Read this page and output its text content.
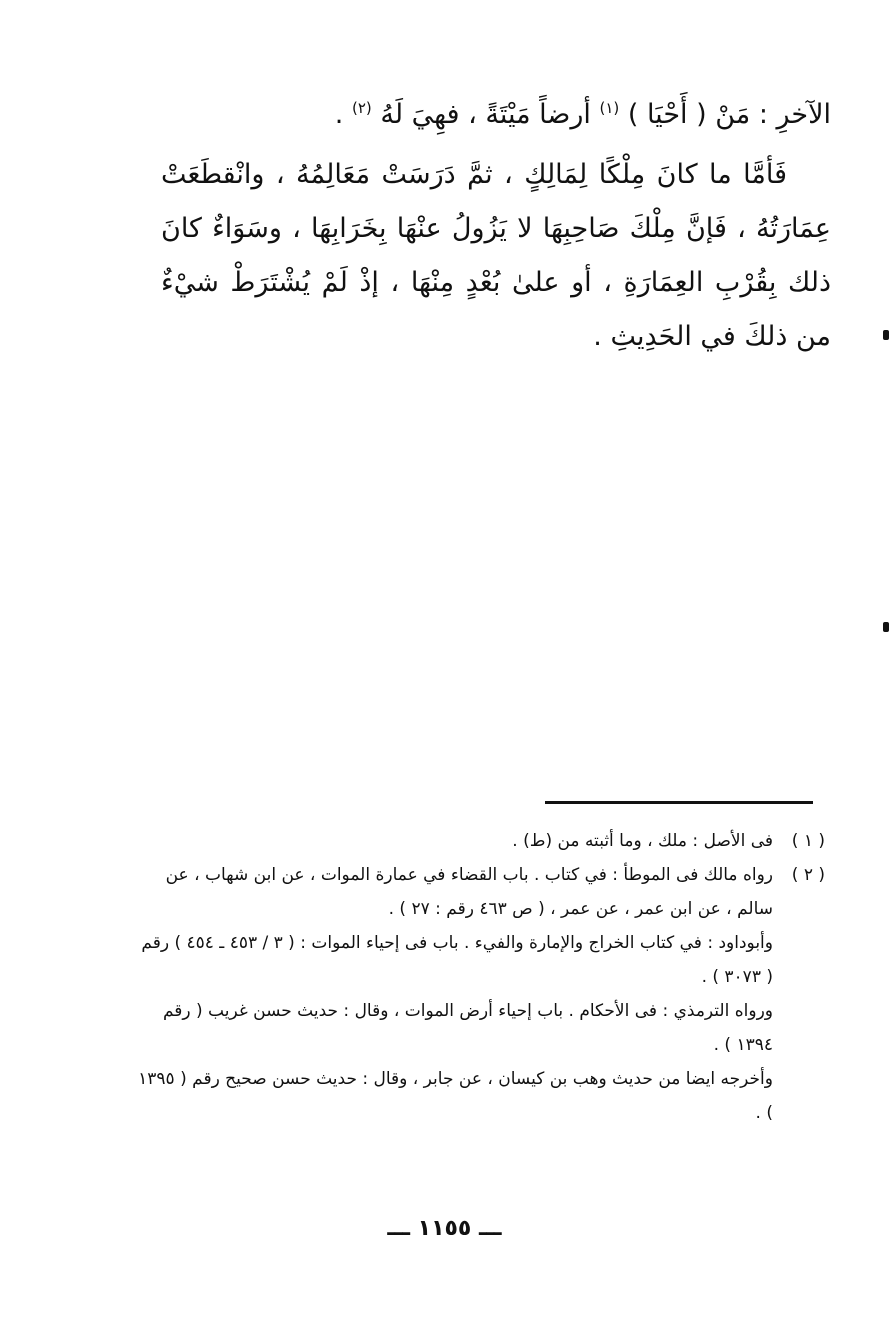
الآخرِ : مَنْ ( أَحْيَا ) $^{(١)}$ أرضاً مَيْتَةً ، فهِيَ لَهُ $^{(٢)}$ .
فَأمَّا ما كانَ مِلْكًا لِمَالِكٍ ، ثمَّ دَرَسَتْ مَعَالِمُهُ ، وانْقطَعَتْ عِمَارَتُهُ ، فَإنَّ مِلْكَ صَاحِبِهَا لا يَزُولُ عنْهَا بِخَرَابِهَا ، وسَوَاءٌ كانَ ذلك بِقُرْبِ العِمَارَةِ ، أو علىٰ بُعْدٍ مِنْهَا ، إذْ لَمْ يُشْتَرَطْ شيْءٌ من ذلكَ في الحَدِيثِ .
( ١ )
فى الأصل : ملك ، وما أثبته من (ط) .
( ٢ )
رواه مالك فى الموطأ : في كتاب . باب القضاء في عمارة الموات ، عن ابن شهاب ، عن سالم ، عن ابن عمر ، عن عمر ، ( ص ٤٦٣ رقم : ٢٧ ) .
وأبوداود : في كتاب الخراج والإمارة والفيء . باب فى إحياء الموات : ( ٣ / ٤٥٣ ـ ٤٥٤ ) رقم ( ٣٠٧٣ ) .
ورواه الترمذي : فى الأحكام . باب إحياء أرض الموات ، وقال : حديث حسن غريب ( رقم ١٣٩٤ ) .
وأخرجه ايضا من حديث وهب بن كيسان ، عن جابر ، وقال : حديث حسن صحيح رقم ( ١٣٩٥ ) .
ـــ ١١٥٥ ـــ
